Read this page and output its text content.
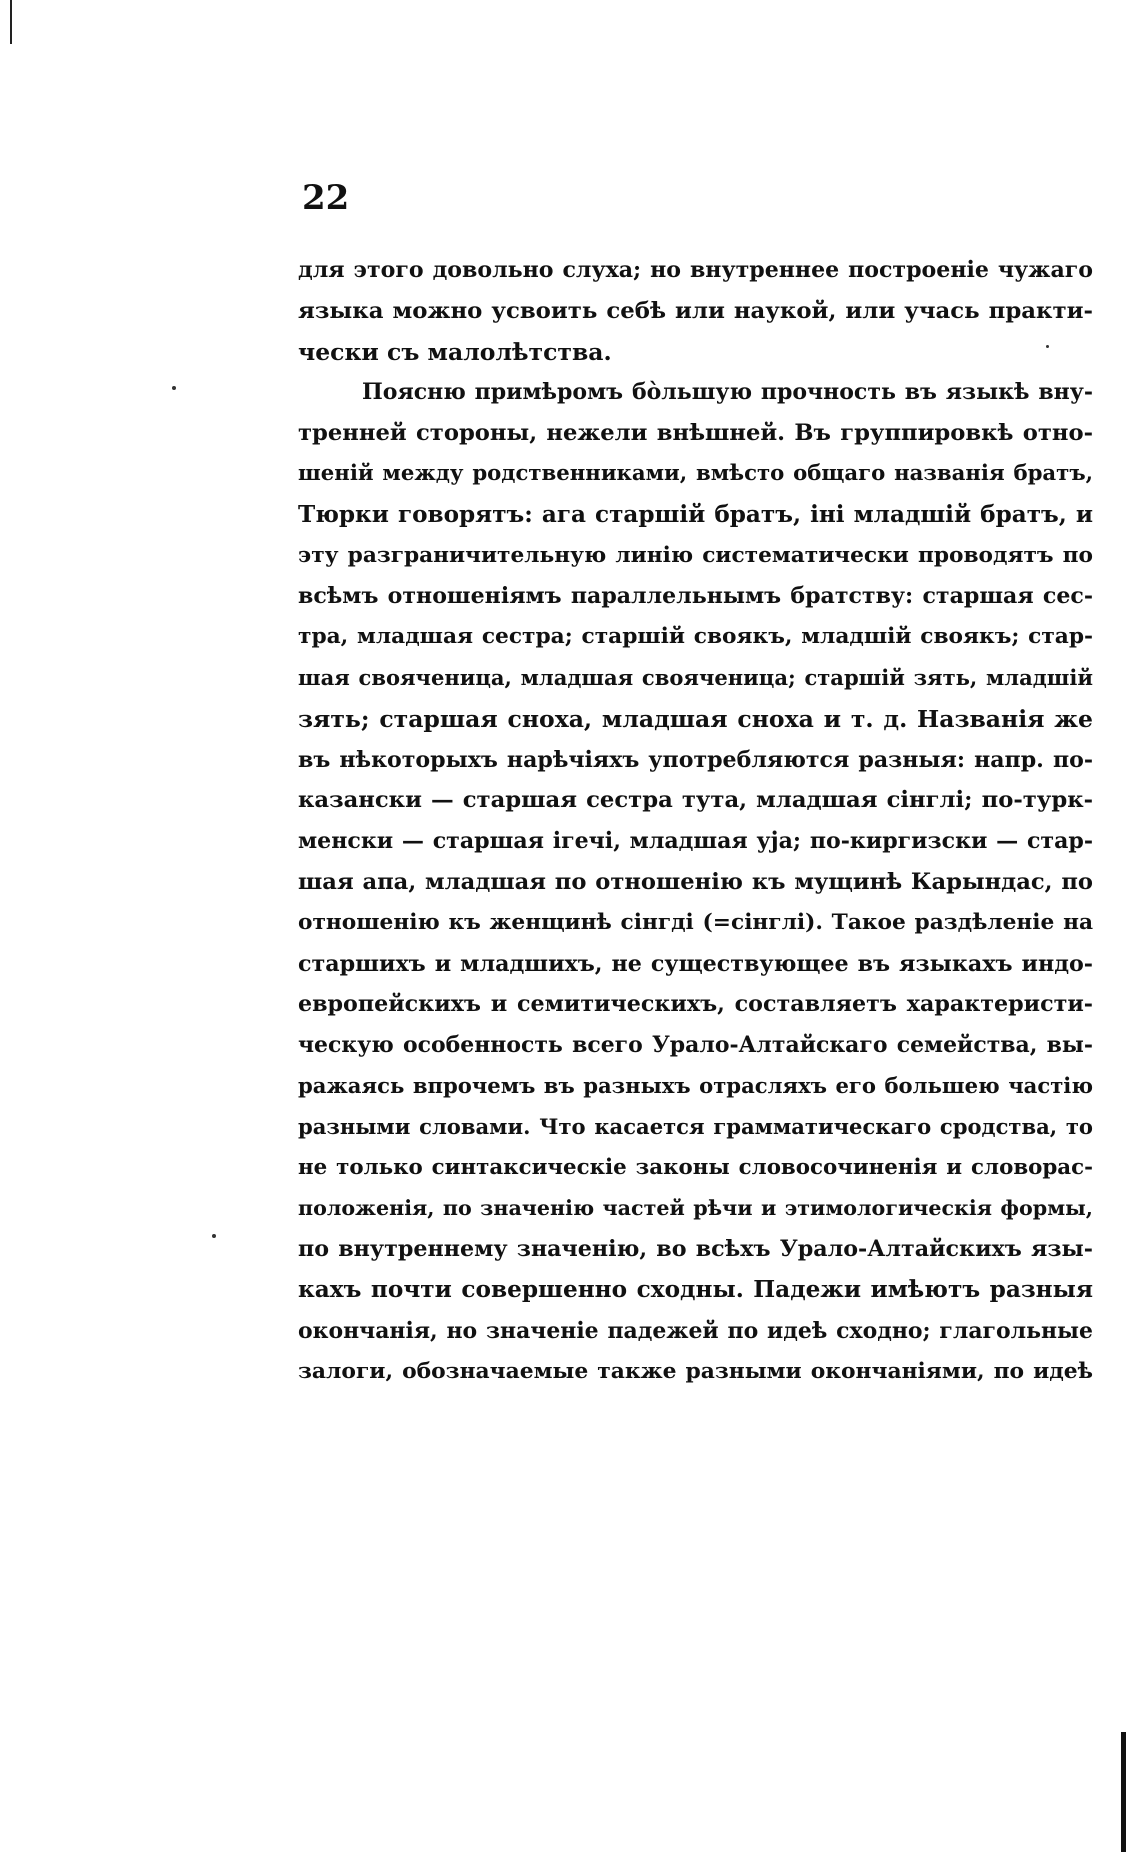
22

для этого довольно слуха; но внутреннее построеніе чужаго
языка можно усвоить себѣ или наукой, или учась практи-
чески съ малолѣтства.
Поясню примѣромъ бо̀льшую прочность въ языкѣ вну-
тренней стороны, нежели внѣшней. Въ группировкѣ отно-
шеній между родственниками, вмѣсто общаго названія братъ,
Тюрки говорятъ: агa старшій братъ, іні младшій братъ, и
эту разграничительную линію систематически проводятъ по
всѣмъ отношеніямъ параллельнымъ братству: старшая сес-
тра, младшая сестра; старшій своякъ, младшій своякъ; стар-
шая свояченица, младшая свояченица; старшій зять, младшій
зять; старшая сноха, младшая сноха и т. д. Названія же
въ нѣкоторыхъ нарѣчіяхъ употребляются разныя: напр. по-
казански — старшая сестра тута, младшая сінглі; по-турк-
менски — старшая ігечі, младшая уја; по-киргизски — стар-
шая апа, младшая по отношенію къ мущинѣ Карындас, по
отношенію къ женщинѣ сінгді (=сінглі). Такое раздѣленіе на
старшихъ и младшихъ, не существующее въ языкахъ индо-
европейскихъ и семитическихъ, составляетъ характеристи-
ческую особенность всего Урало-Алтайскаго семейства, вы-
ражаясь впрочемъ въ разныхъ отрасляхъ его большею частію
разными словами. Что касается грамматическаго сродства, то
не только синтаксическіе законы словосочиненія и словорас-
положенія, по значенію частей рѣчи и этимологическія формы,
по внутреннему значенію, во всѣхъ Урало-Алтайскихъ язы-
кахъ почти совершенно сходны. Падежи имѣютъ разныя
окончанія, но значеніе падежей по идеѣ сходно; глагольные
залоги, обозначаемые также разными окончаніями, по идеѣ
